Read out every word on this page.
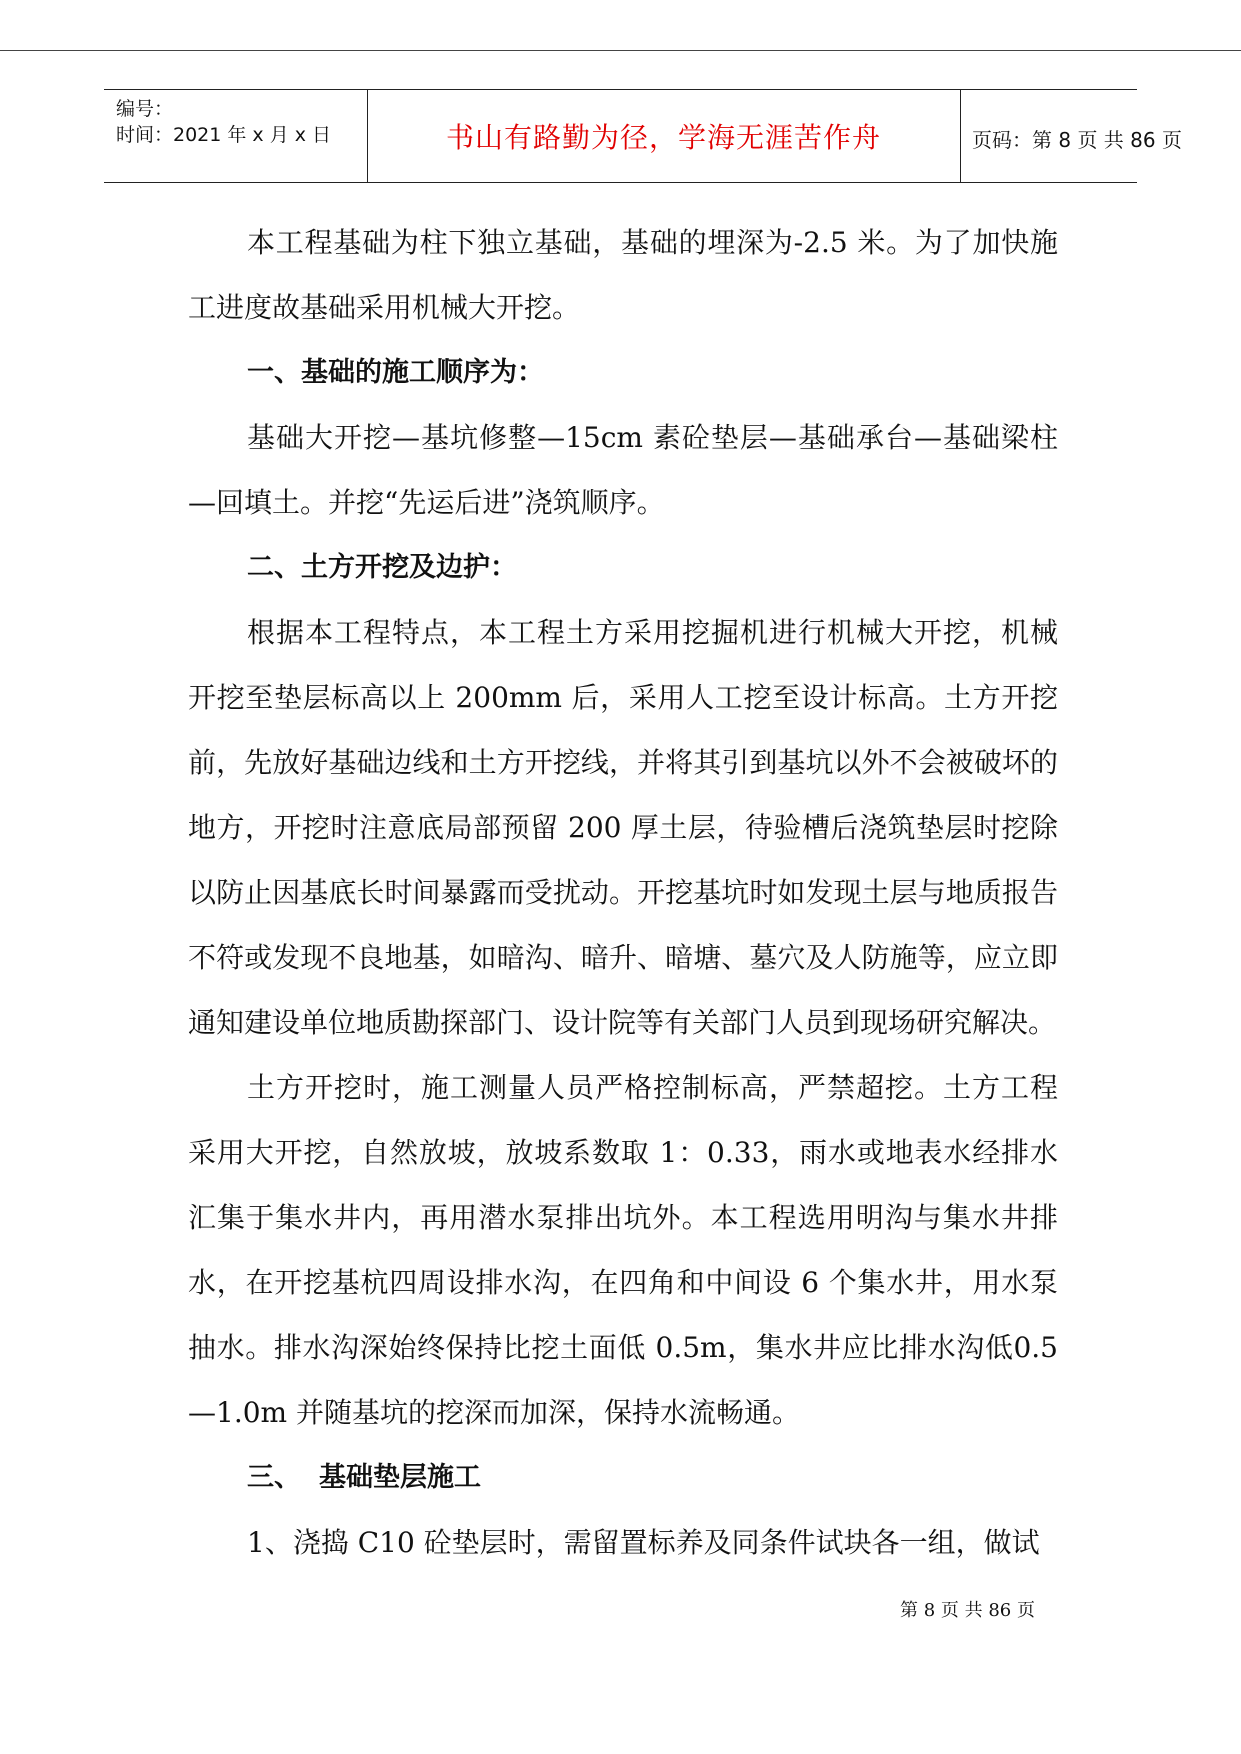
编号：
时间：2021 年 x 月 x 日	书山有路勤为径，学海无涯苦作舟	页码：第 8 页 共 86 页

本工程基础为柱下独立基础，基础的埋深为-2.5 米。为了加快施工进度故基础采用机械大开挖。

一、基础的施工顺序为：

基础大开挖—基坑修整—15cm 素砼垫层—基础承台—基础梁柱—回填土。并挖“先运后进”浇筑顺序。

二、土方开挖及边护：

根据本工程特点，本工程土方采用挖掘机进行机械大开挖，机械开挖至垫层标高以上 200mm 后，采用人工挖至设计标高。土方开挖前，先放好基础边线和土方开挖线，并将其引到基坑以外不会被破坏的地方，开挖时注意底局部预留 200 厚土层，待验槽后浇筑垫层时挖除以防止因基底长时间暴露而受扰动。开挖基坑时如发现土层与地质报告不符或发现不良地基，如暗沟、暗升、暗塘、墓穴及人防施等，应立即通知建设单位地质勘探部门、设计院等有关部门人员到现场研究解决。

土方开挖时，施工测量人员严格控制标高，严禁超挖。土方工程采用大开挖，自然放坡，放坡系数取 1：0.33，雨水或地表水经排水汇集于集水井内，再用潜水泵排出坑外。本工程选用明沟与集水井排水，在开挖基杭四周设排水沟，在四角和中间设 6 个集水井，用水泵抽水。排水沟深始终保持比挖土面低 0.5m，集水井应比排水沟低0.5—1.0m 并随基坑的挖深而加深，保持水流畅通。

三、 基础垫层施工

1、浇捣 C10 砼垫层时，需留置标养及同条件试块各一组，做试

第 8 页 共 86 页
